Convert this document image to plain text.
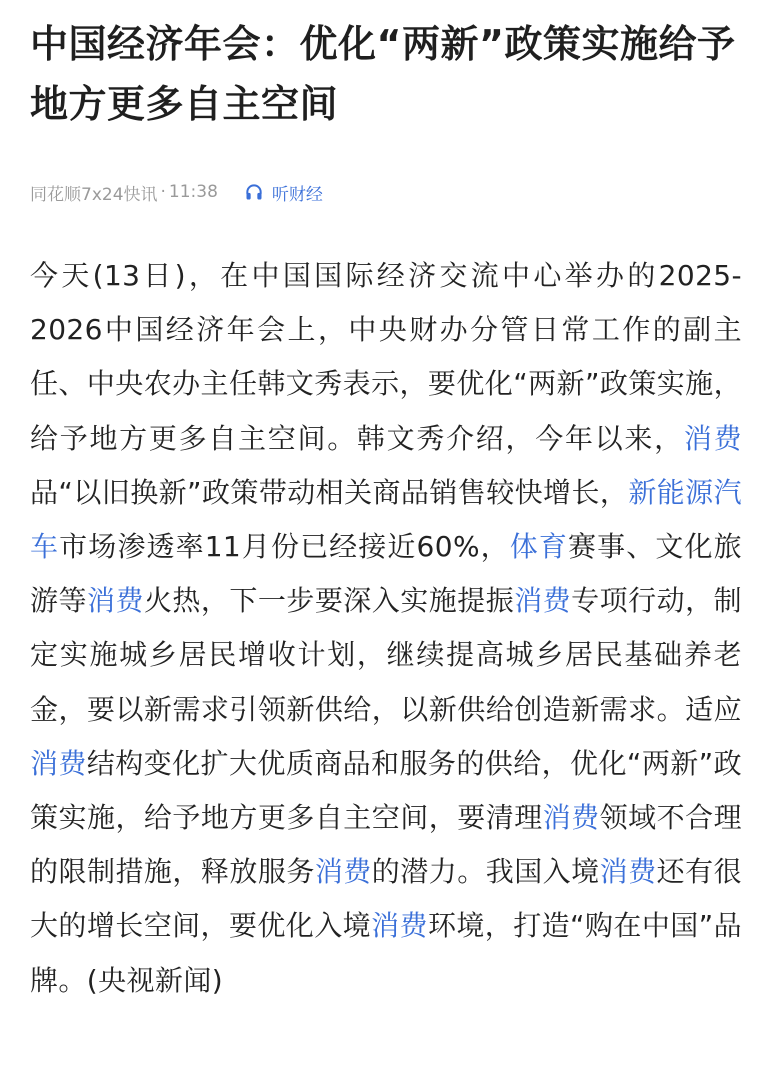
中国经济年会：优化“两新”政策实施给予地方更多自主空间
同花顺7x24快讯 · 11:38	听财经

今天(13日)，在中国国际经济交流中心举办的2025-2026中国经济年会上，中央财办分管日常工作的副主任、中央农办主任韩文秀表示，要优化“两新”政策实施，给予地方更多自主空间。韩文秀介绍，今年以来，消费品“以旧换新”政策带动相关商品销售较快增长，新能源汽车市场渗透率11月份已经接近60%，体育赛事、文化旅游等消费火热，下一步要深入实施提振消费专项行动，制定实施城乡居民增收计划，继续提高城乡居民基础养老金，要以新需求引领新供给，以新供给创造新需求。适应消费结构变化扩大优质商品和服务的供给，优化“两新”政策实施，给予地方更多自主空间，要清理消费领域不合理的限制措施，释放服务消费的潜力。我国入境消费还有很大的增长空间，要优化入境消费环境，打造“购在中国”品牌。(央视新闻)
